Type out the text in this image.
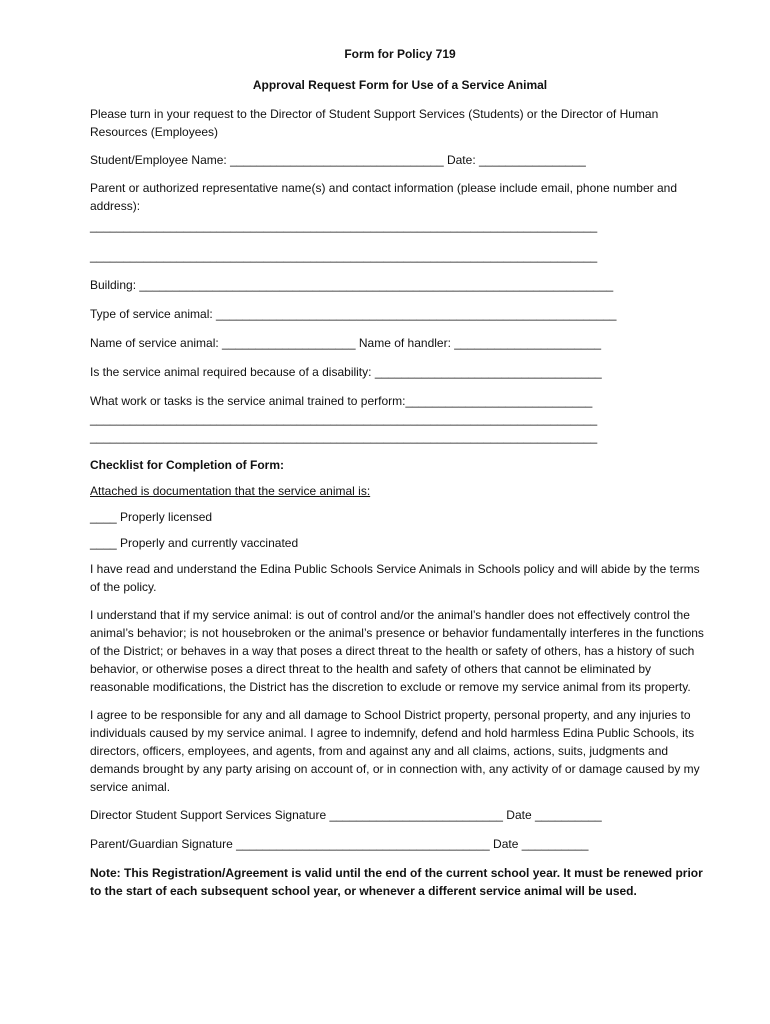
Form for Policy 719
Approval Request Form for Use of a Service Animal

Please turn in your request to the Director of Student Support Services (Students) or the Director of Human Resources (Employees)

Student/Employee Name: ________________________________ Date: ________________

Parent or authorized representative name(s) and contact information (please include email, phone number and address):

____________________________________________________________________________
____________________________________________________________________________
Building: _______________________________________________________________________
Type of service animal: ____________________________________________________________
Name of service animal: ____________________ Name of handler: ______________________
Is the service animal required because of a disability: __________________________________
What work or tasks is the service animal trained to perform:____________________________
____________________________________________________________________________
____________________________________________________________________________
Checklist for Completion of Form:
Attached is documentation that the service animal is:
____ Properly licensed
____ Properly and currently vaccinated

I have read and understand the Edina Public Schools Service Animals in Schools policy and will abide by the terms of the policy.

I understand that if my service animal: is out of control and/or the animal’s handler does not effectively control the animal’s behavior; is not housebroken or the animal’s presence or behavior fundamentally interferes in the functions of the District; or behaves in a way that poses a direct threat to the health or safety of others, has a history of such behavior, or otherwise poses a direct threat to the health and safety of others that cannot be eliminated by reasonable modifications, the District has the discretion to exclude or remove my service animal from its property.

I agree to be responsible for any and all damage to School District property, personal property, and any injuries to individuals caused by my service animal. I agree to indemnify, defend and hold harmless Edina Public Schools, its directors, officers, employees, and agents, from and against any and all claims, actions, suits, judgments and demands brought by any party arising on account of, or in connection with, any activity of or damage caused by my service animal.

Director Student Support Services Signature __________________________ Date __________
Parent/Guardian Signature ______________________________________ Date __________

Note: This Registration/Agreement is valid until the end of the current school year. It must be renewed prior to the start of each subsequent school year, or whenever a different service animal will be used.
